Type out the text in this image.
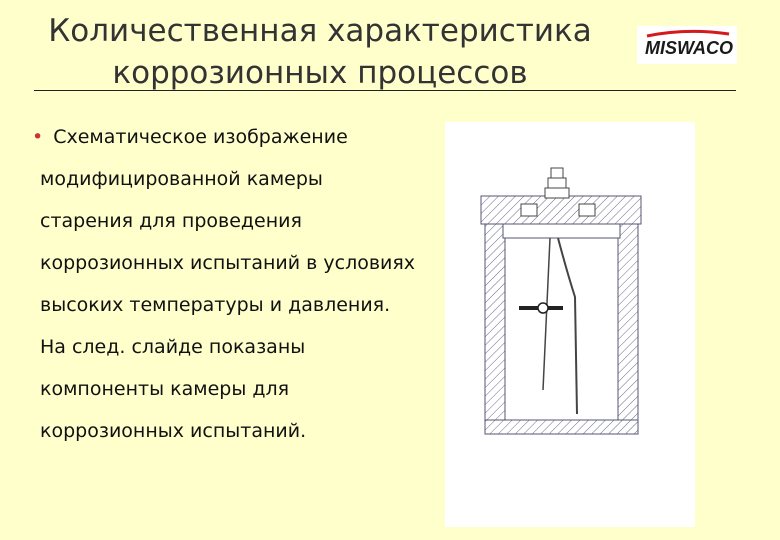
Количественная характеристика
коррозионных процессов
MISWACO
• Схематическое изображение модифицированной камеры старения для проведения коррозионных испытаний в условиях высоких температуры и давления. На след. слайде показаны компоненты камеры для коррозионных испытаний.
